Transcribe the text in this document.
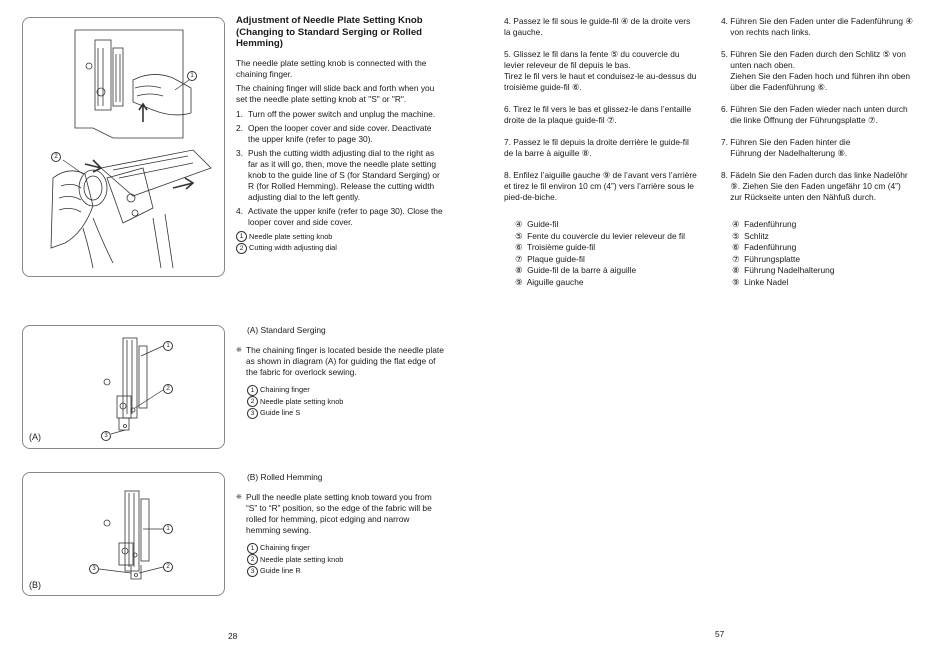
1
2
1
2
3
(A)
1
2
3
(B)
Adjustment of Needle Plate Setting Knob (Changing to Standard Serging or Rolled Hemming)

The needle plate setting knob is connected with the chaining finger.

The chaining finger will slide back and forth when you set the needle plate setting knob at "S" or "R".

1. Turn off the power switch and unplug the machine.
2. Open the looper cover and side cover. Deactivate the upper knife (refer to page 30).
3. Push the cutting width adjusting dial to the right as far as it will go, then, move the needle plate setting knob to the guide line of S (for Standard Serging) or R (for Rolled Hemming). Release the cutting width adjusting dial to the left gently.
4. Activate the upper knife (refer to page 30). Close the looper cover and side cover.
1 Needle plate setting knob
2 Cutting width adjusting dial
(A) Standard Serging
❋ The chaining finger is located beside the needle plate as shown in diagram (A) for guiding the flat edge of the fabric for overlock sewing.
1 Chaining finger
2 Needle plate setting knob
3 Guide line S
(B) Rolled Hemming
❋ Pull the needle plate setting knob toward you from “S” to “R” position, so the edge of the fabric will be rolled for hemming, picot edging and narrow hemming sewing.
1 Chaining finger
2 Needle plate setting knob
3 Guide line R
28

4. Passez le fil sous le guide-fil ④ de la droite vers

la gauche.

5. Glissez le fil dans la fente ⑤ du couvercle du

levier releveur de fil depuis le bas.

Tirez le fil vers le haut et conduisez-le au-dessus du

troisième guide-fil ⑥.

6. Tirez le fil vers le bas et glissez-le dans l’entaille

droite de la plaque guide-fil ⑦.

7. Passez le fil depuis la droite derrière le guide-fil

de la barre à aiguille ⑧.

8. Enfilez l’aiguille gauche ⑨ de l’avant vers l’arrière

et tirez le fil environ 10 cm (4”) vers l’arrière sous le

pied-de-biche.

④  Guide-fil
⑤  Fente du couvercle du levier releveur de fil
⑥  Troisième guide-fil
⑦  Plaque guide-fil
⑧  Guide-fil de la barre à aiguille
⑨  Aiguille gauche

4. Führen Sie den Faden unter die Fadenführung ④

von rechts nach links.

5. Führen Sie den Faden durch den Schlitz ⑤ von

unten nach oben.

Ziehen Sie den Faden hoch und führen ihn oben

über die Fadenführung ⑥.

6. Führen Sie den Faden wieder nach unten durch

die linke Öffnung der Führungsplatte ⑦.

7. Führen Sie den Faden hinter die

Führung der Nadelhalterung ⑧.

8. Fädeln Sie den Faden durch das linke Nadelöhr

⑨. Ziehen Sie den Faden ungefähr 10 cm (4”)

zur Rückseite unten den Nähfuß durch.

④  Fadenführung
⑤  Schlitz
⑥  Fadenführung
⑦  Führungsplatte
⑧  Führung Nadelhalterung
⑨  Linke Nadel
57
